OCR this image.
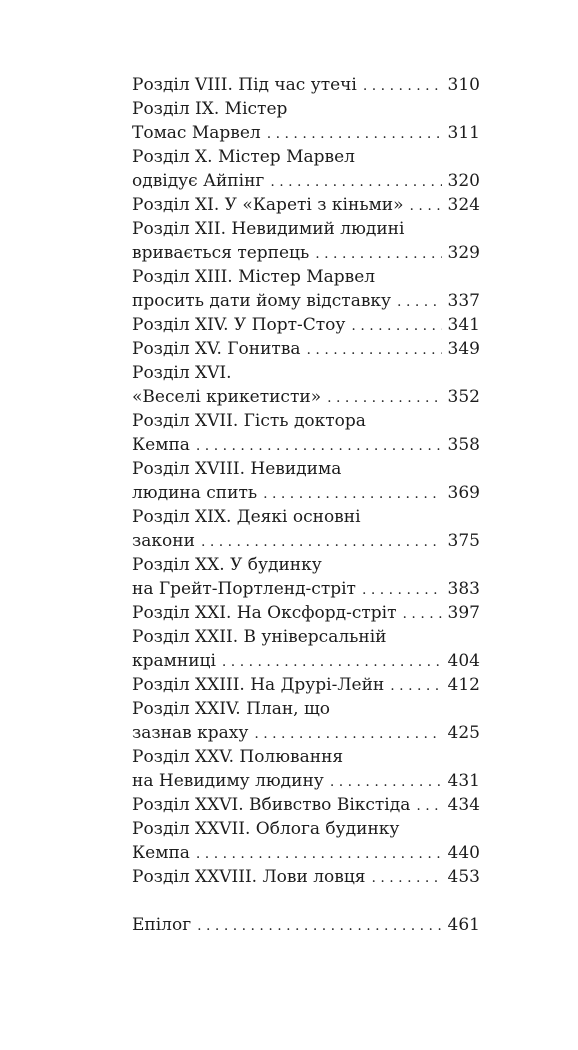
Розділ VIII. Під час утечі . . .	310
Розділ IX. Містер
Томас Марвел . . .	311
Розділ X. Містер Марвел
одвідує Айпінг . . .	320
Розділ XI. У «Кареті з кіньми» . . .	324
Розділ XII. Невидимий людині
вривається терпець . . .	329
Розділ XIII. Містер Марвел
просить дати йому відставку . . .	337
Розділ XIV. У Порт-Стоу . . .	341
Розділ XV. Гонитва . . .	349
Розділ XVI.
«Веселі крикетисти» . . .	352
Розділ XVII. Гість доктора
Кемпа . . .	358
Розділ XVIII. Невидима
людина спить . . .	369
Розділ XIX. Деякі основні
закони . . .	375
Розділ XX. У будинку
на Грейт-Портленд-стріт . . .	383
Розділ XXI. На Оксфорд-стріт . . .	397
Розділ XXII. В універсальній
крамниці . . .	404
Розділ XXIII. На Друрі-Лейн . . .	412
Розділ XXIV. План, що
зазнав краху . . .	425
Розділ XXV. Полювання
на Невидиму людину . . .	431
Розділ XXVI. Вбивство Вікстіда . . . 434
Розділ XXVII. Облога будинку
Кемпа . . .	440
Розділ XXVIII. Лови ловця . . .	453
Епілог . . .	461
